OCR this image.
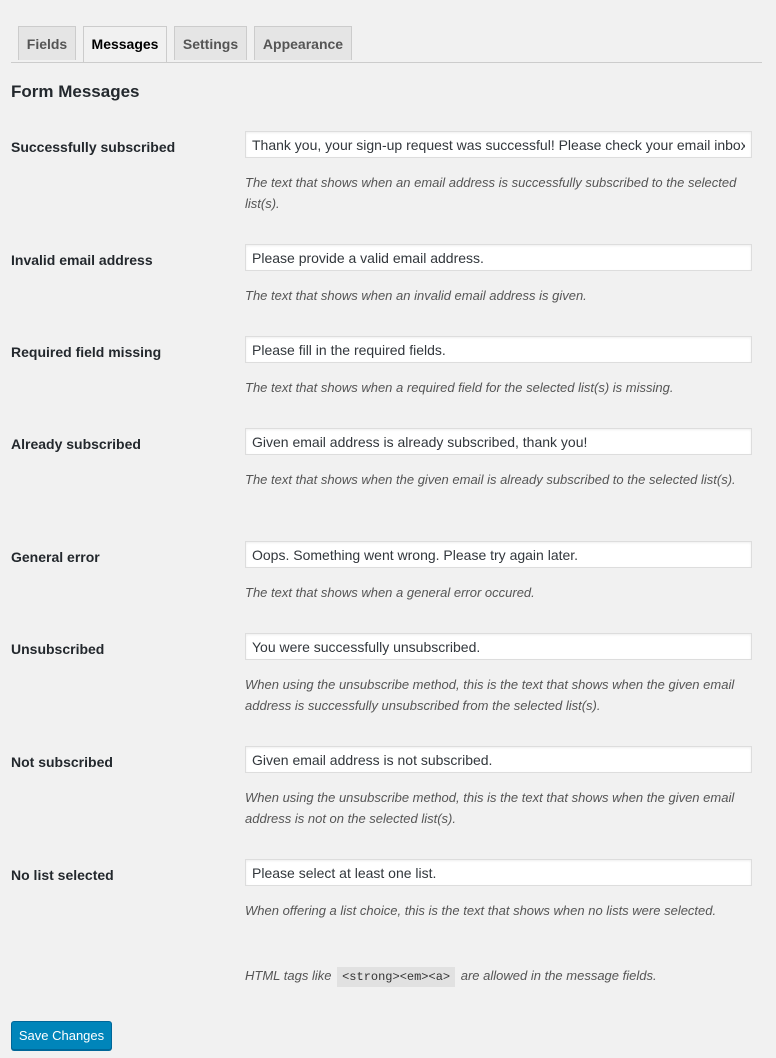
Fields	Messages	Settings	Appearance
Form Messages
Successfully subscribed
Thank you, your sign-up request was successful! Please check your email inbox to confirm.

The text that shows when an email address is successfully subscribed to the selected list(s).

Invalid email address
Please provide a valid email address.

The text that shows when an invalid email address is given.

Required field missing
Please fill in the required fields.

The text that shows when a required field for the selected list(s) is missing.

Already subscribed
Given email address is already subscribed, thank you!

The text that shows when the given email is already subscribed to the selected list(s).

General error
Oops. Something went wrong. Please try again later.

The text that shows when a general error occured.

Unsubscribed
You were successfully unsubscribed.

When using the unsubscribe method, this is the text that shows when the given email address is successfully unsubscribed from the selected list(s).

Not subscribed
Given email address is not subscribed.

When using the unsubscribe method, this is the text that shows when the given email address is not on the selected list(s).

No list selected
Please select at least one list.

When offering a list choice, this is the text that shows when no lists were selected.

HTML tags like <strong><em><a> are allowed in the message fields.

Save Changes
